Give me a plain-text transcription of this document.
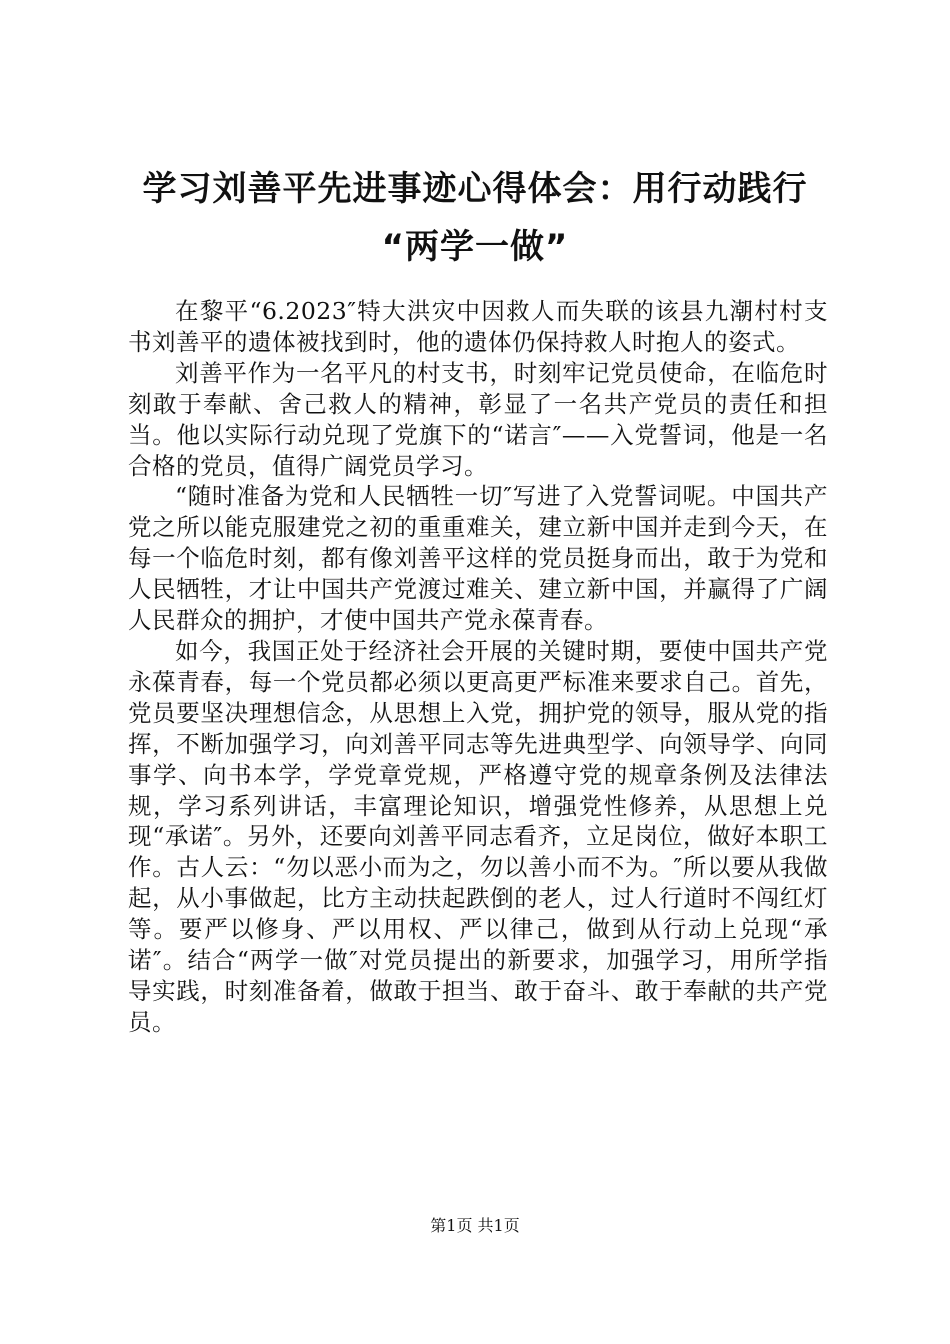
学习刘善平先进事迹心得体会：用行动践行
“两学一做”

在黎平“6.2023″特大洪灾中因救人而失联的该县九潮村村支书刘善平的遗体被找到时，他的遗体仍保持救人时抱人的姿式。

刘善平作为一名平凡的村支书，时刻牢记党员使命，在临危时刻敢于奉献、舍己救人的精神，彰显了一名共产党员的责任和担当。他以实际行动兑现了党旗下的“诺言″——入党誓词，他是一名合格的党员，值得广阔党员学习。

“随时准备为党和人民牺牲一切″写进了入党誓词呢。中国共产党之所以能克服建党之初的重重难关，建立新中国并走到今天，在每一个临危时刻，都有像刘善平这样的党员挺身而出，敢于为党和人民牺牲，才让中国共产党渡过难关、建立新中国，并赢得了广阔人民群众的拥护，才使中国共产党永葆青春。

如今，我国正处于经济社会开展的关键时期，要使中国共产党永葆青春，每一个党员都必须以更高更严标准来要求自己。首先，党员要坚决理想信念，从思想上入党，拥护党的领导，服从党的指挥，不断加强学习，向刘善平同志等先进典型学、向领导学、向同事学、向书本学，学党章党规，严格遵守党的规章条例及法律法规，学习系列讲话，丰富理论知识，增强党性修养，从思想上兑现“承诺″。另外，还要向刘善平同志看齐，立足岗位，做好本职工作。古人云：“勿以恶小而为之，勿以善小而不为。″所以要从我做起，从小事做起，比方主动扶起跌倒的老人，过人行道时不闯红灯等。要严以修身、严以用权、严以律己，做到从行动上兑现“承诺″。结合“两学一做″对党员提出的新要求，加强学习，用所学指导实践，时刻准备着，做敢于担当、敢于奋斗、敢于奉献的共产党员。

第1页 共1页
